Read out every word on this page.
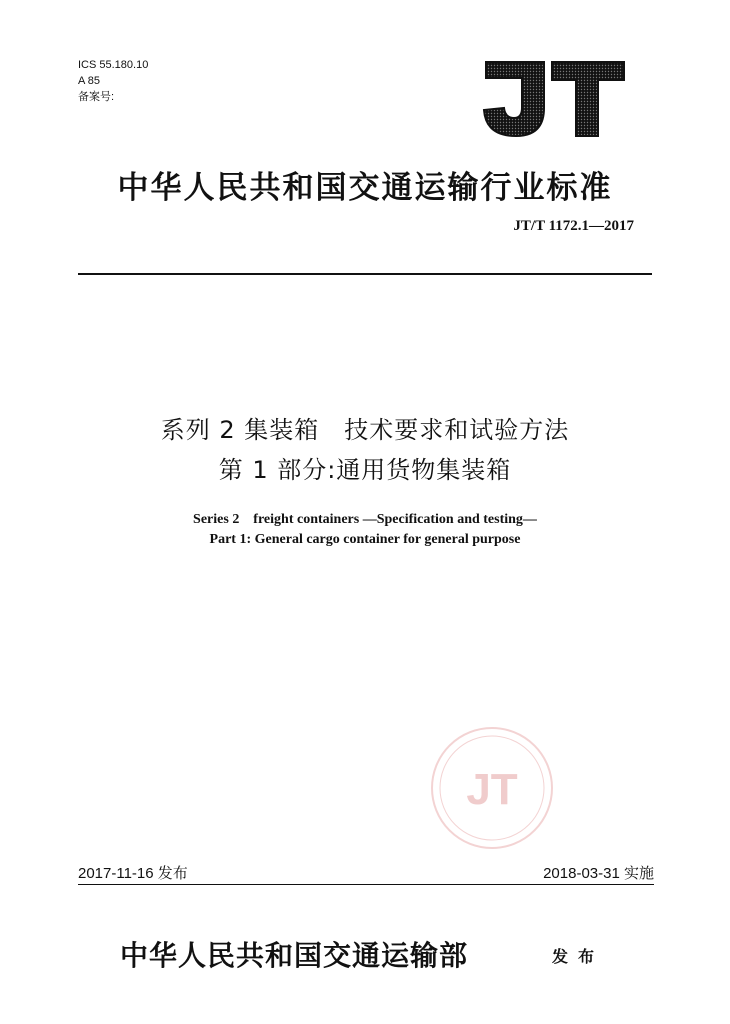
ICS 55.180.10
A 85
备案号:
中华人民共和国交通运输行业标准
JT/T 1172.1—2017
系列 2 集装箱　技术要求和试验方法
第 1 部分:通用货物集装箱
Series 2　freight containers —Specification and testing—
Part 1: General cargo container for general purpose
JT
2017-11-16 发布	2018-03-31 实施
中华人民共和国交通运输部	发布
